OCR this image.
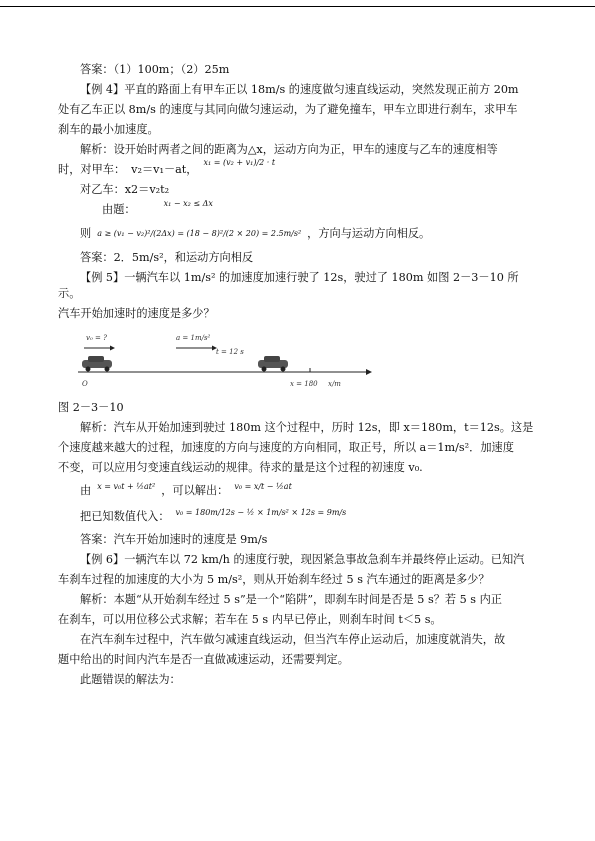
答案：（1）100m；（2）25m

【例 4】平直的路面上有甲车正以 18m/s 的速度做匀速直线运动，突然发现正前方 20m

处有乙车正以 8m/s 的速度与其同向做匀速运动，为了避免撞车，甲车立即进行刹车，求甲车

刹车的最小加速度。

解析：设开始时两者之间的距离为△x，运动方向为正，甲车的速度与乙车的速度相等

时，对甲车： v₂＝v₁－at，
x₁ = (v₂ + v₁)/2 · t

对乙车：x2＝v₂t₂

由题：	x₁ − x₂ ≤ Δx
则 a ≥ (v₁ − v₂)²/(2Δx) = (18 − 8)²/(2 × 20) = 2.5m/s² ，方向与运动方向相反。

答案：2．5m/s²，和运动方向相反

【例 5】一辆汽车以 1m/s² 的加速度加速行驶了 12s，驶过了 180m 如图 2－3－10 所示。

汽车开始加速时的速度是多少？

v₀ = ?	a = 1m/s²
t = 12 s
O	x = 180 x/m

图 2－3－10

解析：汽车从开始加速到驶过 180m 这个过程中，历时 12s，即 x＝180m，t＝12s。这是

个速度越来越大的过程，加速度的方向与速度的方向相同，取正号，所以 a＝1m/s²．加速度

不变，可以应用匀变速直线运动的规律。待求的量是这个过程的初速度 v₀.

由 x = v₀t + ½at² ，可以解出： v₀ = x/t − ½at
把已知数值代入： v₀ = 180m/12s − ½ × 1m/s² × 12s = 9m/s

答案：汽车开始加速时的速度是 9m/s

【例 6】一辆汽车以 72 km/h 的速度行驶，现因紧急事故急刹车并最终停止运动。已知汽

车刹车过程的加速度的大小为 5 m/s²，则从开始刹车经过 5 s 汽车通过的距离是多少？

解析：本题“从开始刹车经过 5 s”是一个“陷阱”，即刹车时间是否是 5 s？若 5 s 内正

在刹车，可以用位移公式求解；若车在 5 s 内早已停止，则刹车时间 t＜5 s。

在汽车刹车过程中，汽车做匀减速直线运动，但当汽车停止运动后，加速度就消失，故

题中给出的时间内汽车是否一直做减速运动，还需要判定。

此题错误的解法为：
